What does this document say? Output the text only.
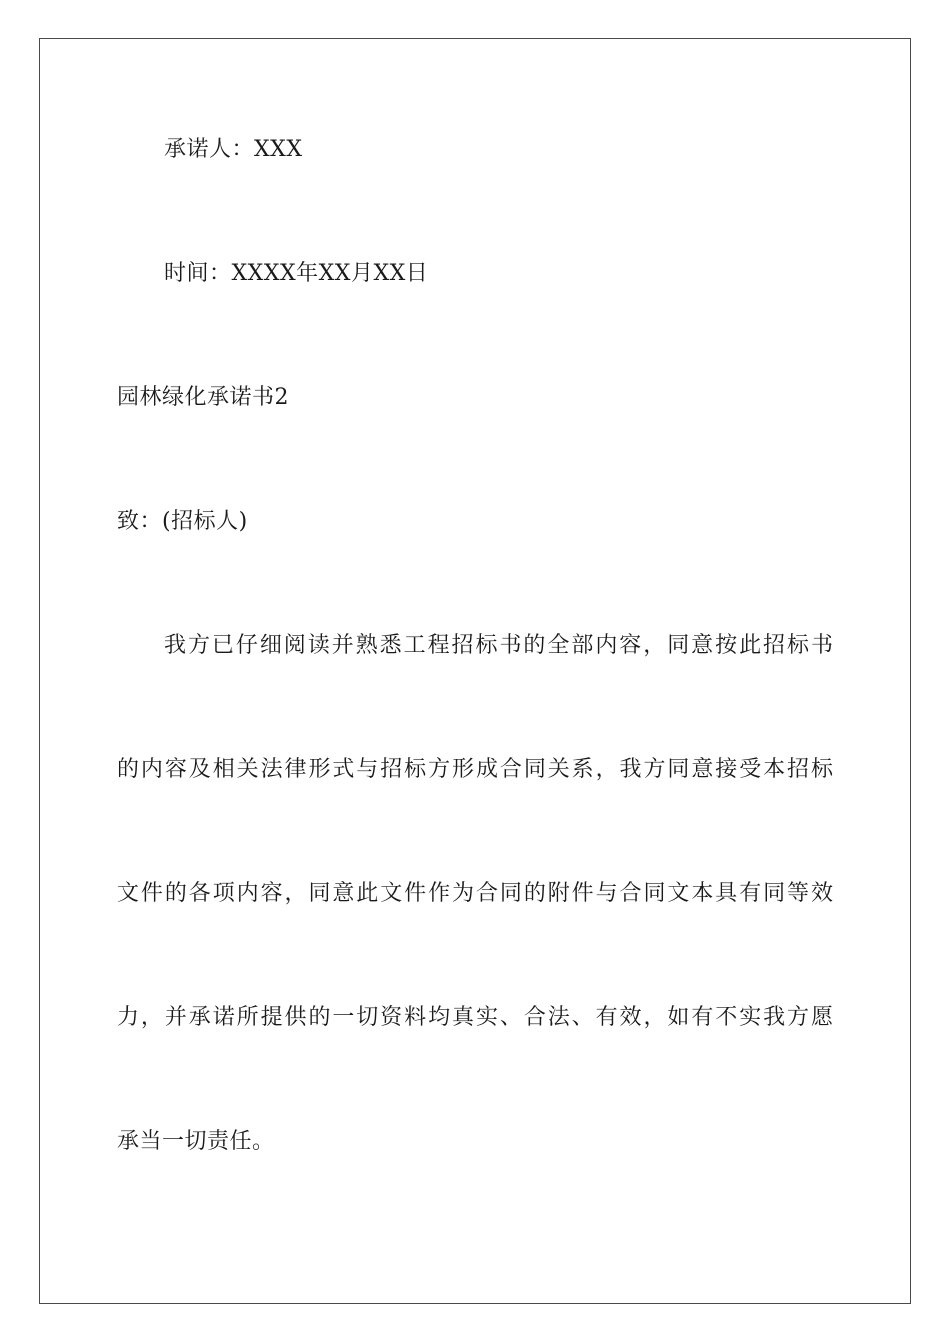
承诺人：XXX
时间：XXXX年XX月XX日
园林绿化承诺书2
致：(招标人)
我方已仔细阅读并熟悉工程招标书的全部内容，同意按此招标书
的内容及相关法律形式与招标方形成合同关系，我方同意接受本招标
文件的各项内容，同意此文件作为合同的附件与合同文本具有同等效
力，并承诺所提供的一切资料均真实、合法、有效，如有不实我方愿
承当一切责任。
